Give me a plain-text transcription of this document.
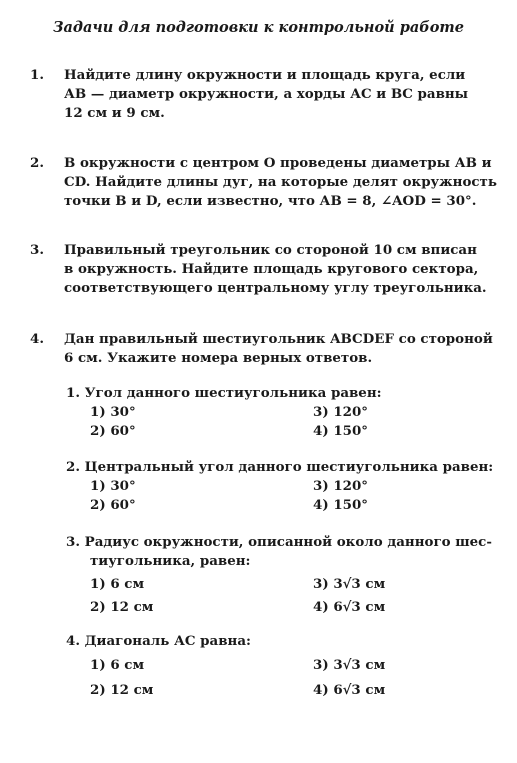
Задачи для подготовки к контрольной работе
1. Найдите длину окружности и площадь круга, если
АВ — диаметр окружности, а хорды АС и ВС равны
12 см и 9 см.
2. В окружности с центром О проведены диаметры АВ и
CD. Найдите длины дуг, на которые делят окружность
точки В и D, если известно, что АВ = 8, ∠AOD = 30°.
3. Правильный треугольник со стороной 10 см вписан
в окружность. Найдите площадь кругового сектора,
соответствующего центральному углу треугольника.
4. Дан правильный шестиугольник ABCDEF со стороной
6 см. Укажите номера верных ответов.
1. Угол данного шестиугольника равен:
1) 30°	3) 120°
2) 60°	4) 150°
2. Центральный угол данного шестиугольника равен:
1) 30°	3) 120°
2) 60°	4) 150°
3. Радиус окружности, описанной около данного шес-
тиугольника, равен:
1) 6 см	3) 3√3 см
2) 12 см	4) 6√3 см
4. Диагональ АС равна:
1) 6 см	3) 3√3 см
2) 12 см	4) 6√3 см
